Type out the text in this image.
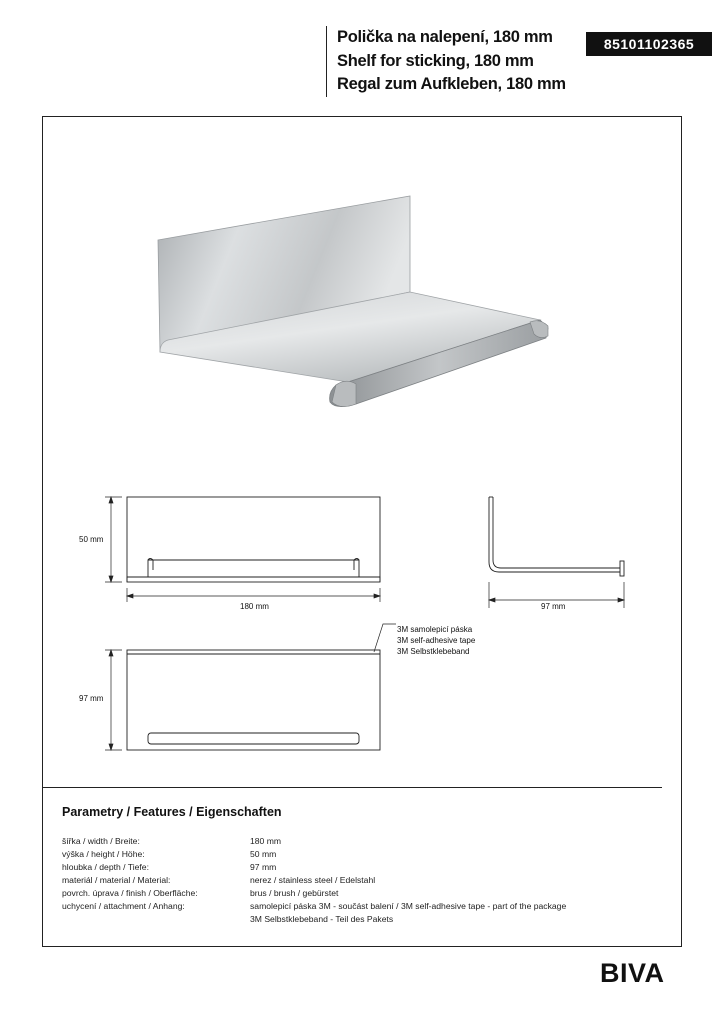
Polička na nalepení, 180 mm
Shelf for sticking, 180 mm
Regal zum Aufkleben, 180 mm
85101102365
50 mm
180 mm	97 mm
97 mm
3M samolepicí páska
3M self-adhesive tape
3M Selbstklebeband
Parametry / Features / Eigenschaften
šířka / width / Breite:	180 mm
výška / height / Höhe:	50 mm
hloubka / depth / Tiefe:	97 mm
materiál / material / Material:	nerez / stainless steel / Edelstahl
povrch. úprava / finish / Oberfläche:	brus / brush / gebürstet
uchycení / attachment / Anhang:	samolepicí páska 3M - součást balení / 3M self-adhesive tape - part of the package
3M Selbstklebeband - Teil des Pakets
BIVA
